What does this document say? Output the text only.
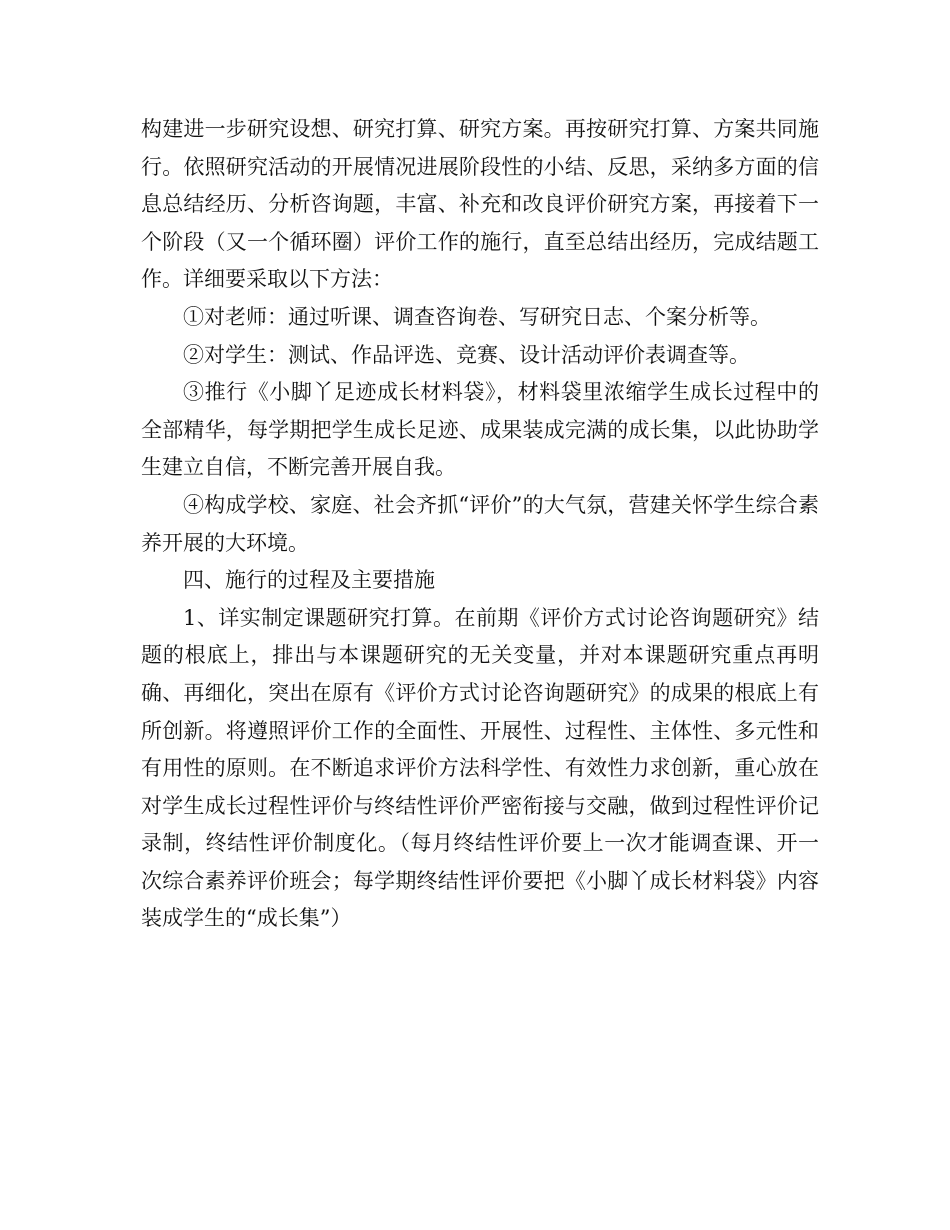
构建进一步研究设想、研究打算、研究方案。再按研究打算、方案共同施行。依照研究活动的开展情况进展阶段性的小结、反思，采纳多方面的信息总结经历、分析咨询题，丰富、补充和改良评价研究方案，再接着下一个阶段（又一个循环圈）评价工作的施行，直至总结出经历，完成结题工作。详细要采取以下方法：

①对老师：通过听课、调查咨询卷、写研究日志、个案分析等。

②对学生：测试、作品评选、竞赛、设计活动评价表调查等。

③推行《小脚丫足迹成长材料袋》，材料袋里浓缩学生成长过程中的全部精华，每学期把学生成长足迹、成果装成完满的成长集，以此协助学生建立自信，不断完善开展自我。

④构成学校、家庭、社会齐抓“评价”的大气氛，营建关怀学生综合素养开展的大环境。

四、施行的过程及主要措施

1、详实制定课题研究打算。在前期《评价方式讨论咨询题研究》结题的根底上，排出与本课题研究的无关变量，并对本课题研究重点再明确、再细化，突出在原有《评价方式讨论咨询题研究》的成果的根底上有所创新。将遵照评价工作的全面性、开展性、过程性、主体性、多元性和有用性的原则。在不断追求评价方法科学性、有效性力求创新，重心放在对学生成长过程性评价与终结性评价严密衔接与交融，做到过程性评价记录制，终结性评价制度化。（每月终结性评价要上一次才能调查课、开一次综合素养评价班会；每学期终结性评价要把《小脚丫成长材料袋》内容装成学生的“成长集”）
